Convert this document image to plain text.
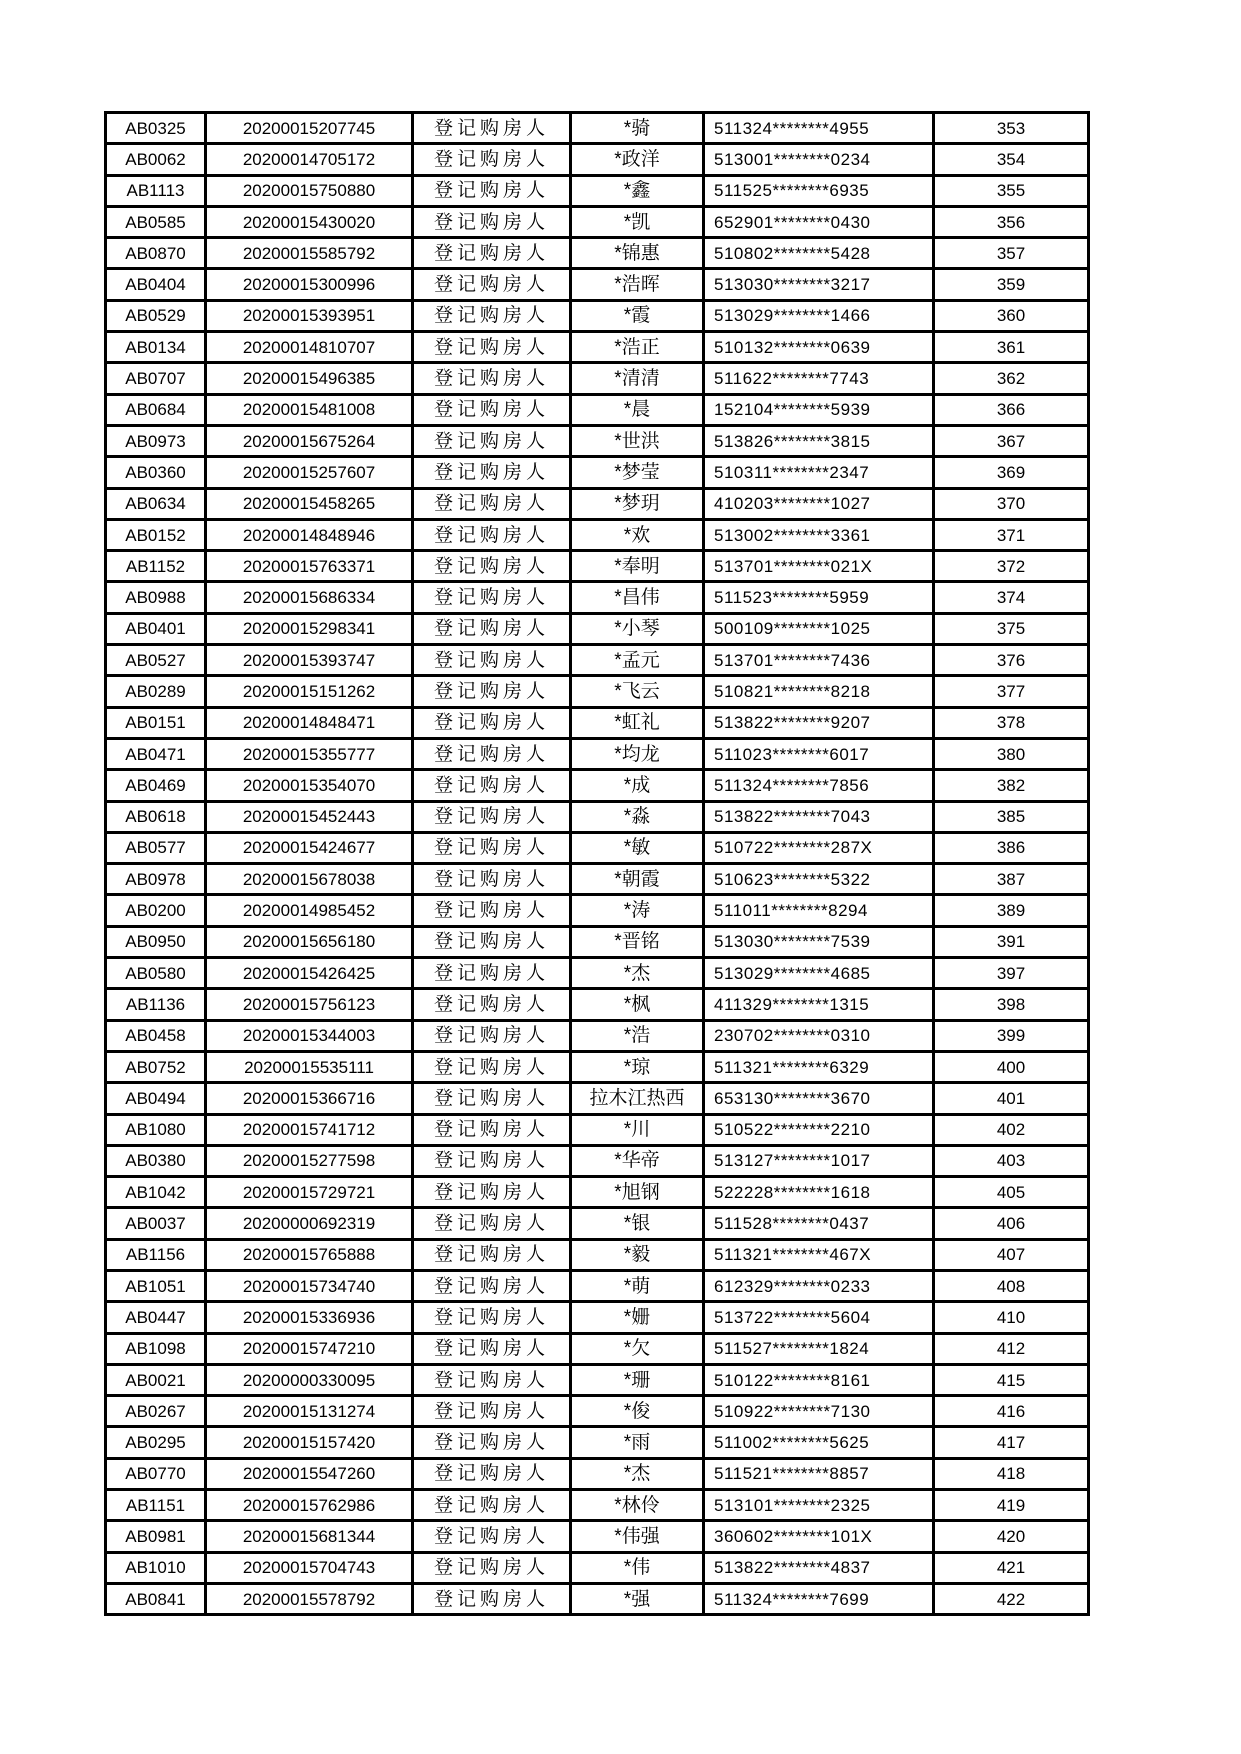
AB0325	20200015207745	登记购房人	*骑	511324********4955	353
AB0062	20200014705172	登记购房人	*政洋	513001********0234	354
AB1113	20200015750880	登记购房人	*鑫	511525********6935	355
AB0585	20200015430020	登记购房人	*凯	652901********0430	356
AB0870	20200015585792	登记购房人	*锦惠	510802********5428	357
AB0404	20200015300996	登记购房人	*浩晖	513030********3217	359
AB0529	20200015393951	登记购房人	*霞	513029********1466	360
AB0134	20200014810707	登记购房人	*浩正	510132********0639	361
AB0707	20200015496385	登记购房人	*清清	511622********7743	362
AB0684	20200015481008	登记购房人	*晨	152104********5939	366
AB0973	20200015675264	登记购房人	*世洪	513826********3815	367
AB0360	20200015257607	登记购房人	*梦莹	510311********2347	369
AB0634	20200015458265	登记购房人	*梦玥	410203********1027	370
AB0152	20200014848946	登记购房人	*欢	513002********3361	371
AB1152	20200015763371	登记购房人	*奉明	513701********021X	372
AB0988	20200015686334	登记购房人	*昌伟	511523********5959	374
AB0401	20200015298341	登记购房人	*小琴	500109********1025	375
AB0527	20200015393747	登记购房人	*孟元	513701********7436	376
AB0289	20200015151262	登记购房人	*飞云	510821********8218	377
AB0151	20200014848471	登记购房人	*虹礼	513822********9207	378
AB0471	20200015355777	登记购房人	*均龙	511023********6017	380
AB0469	20200015354070	登记购房人	*成	511324********7856	382
AB0618	20200015452443	登记购房人	*淼	513822********7043	385
AB0577	20200015424677	登记购房人	*敏	510722********287X	386
AB0978	20200015678038	登记购房人	*朝霞	510623********5322	387
AB0200	20200014985452	登记购房人	*涛	511011********8294	389
AB0950	20200015656180	登记购房人	*晋铭	513030********7539	391
AB0580	20200015426425	登记购房人	*杰	513029********4685	397
AB1136	20200015756123	登记购房人	*枫	411329********1315	398
AB0458	20200015344003	登记购房人	*浩	230702********0310	399
AB0752	20200015535111	登记购房人	*琼	511321********6329	400
AB0494	20200015366716	登记购房人	拉木江热西	653130********3670	401
AB1080	20200015741712	登记购房人	*川	510522********2210	402
AB0380	20200015277598	登记购房人	*华帝	513127********1017	403
AB1042	20200015729721	登记购房人	*旭钢	522228********1618	405
AB0037	20200000692319	登记购房人	*银	511528********0437	406
AB1156	20200015765888	登记购房人	*毅	511321********467X	407
AB1051	20200015734740	登记购房人	*萌	612329********0233	408
AB0447	20200015336936	登记购房人	*姗	513722********5604	410
AB1098	20200015747210	登记购房人	*欠	511527********1824	412
AB0021	20200000330095	登记购房人	*珊	510122********8161	415
AB0267	20200015131274	登记购房人	*俊	510922********7130	416
AB0295	20200015157420	登记购房人	*雨	511002********5625	417
AB0770	20200015547260	登记购房人	*杰	511521********8857	418
AB1151	20200015762986	登记购房人	*林伶	513101********2325	419
AB0981	20200015681344	登记购房人	*伟强	360602********101X	420
AB1010	20200015704743	登记购房人	*伟	513822********4837	421
AB0841	20200015578792	登记购房人	*强	511324********7699	422
